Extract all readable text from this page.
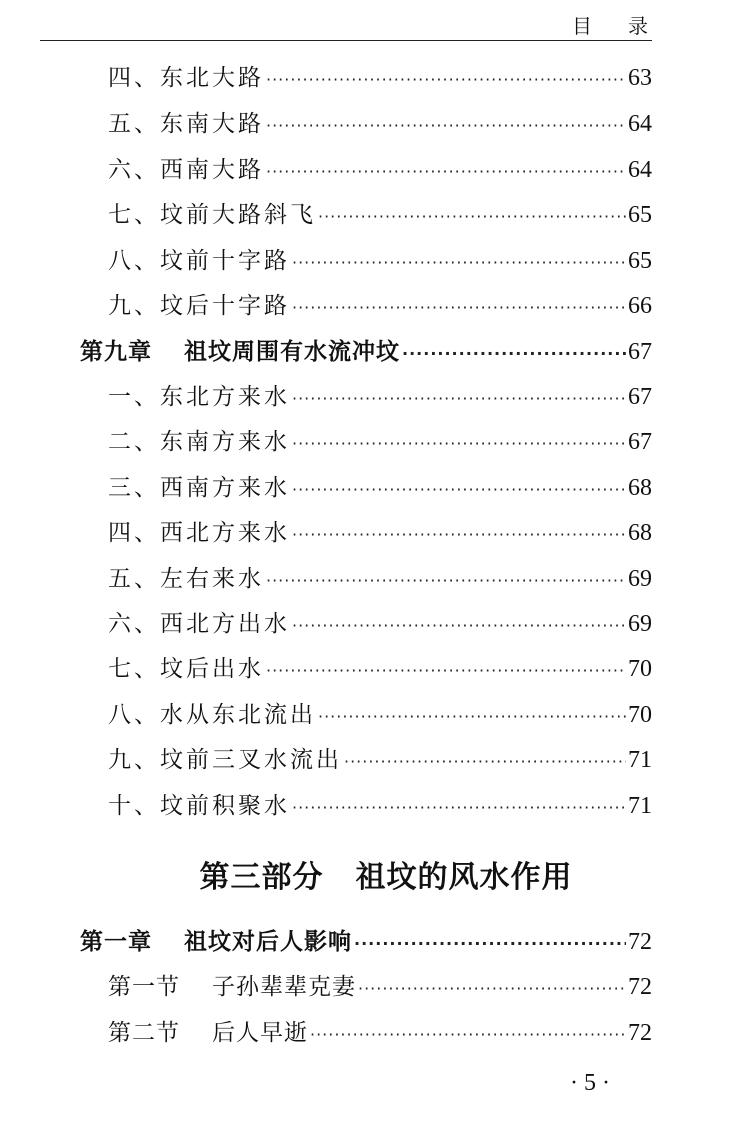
目录
四、东北大路 ·····	63
五、东南大路 ·····	64
六、西南大路 ·····	64
七、坟前大路斜飞 ·····	65
八、坟前十字路 ·····	65
九、坟后十字路 ·····	66
第九章 祖坟周围有水流冲坟 ·····	67
一、东北方来水 ·····	67
二、东南方来水 ·····	67
三、西南方来水 ·····	68
四、西北方来水 ·····	68
五、左右来水 ·····	69
六、西北方出水 ·····	69
七、坟后出水 ·····	70
八、水从东北流出 ·····	70
九、坟前三叉水流出 ·····	71
十、坟前积聚水 ·····	71
第三部分 祖坟的风水作用
第一章 祖坟对后人影响 ·····	72
第一节 子孙辈辈克妻 ·····	72
第二节 后人早逝 ·····	72
· 5 ·
